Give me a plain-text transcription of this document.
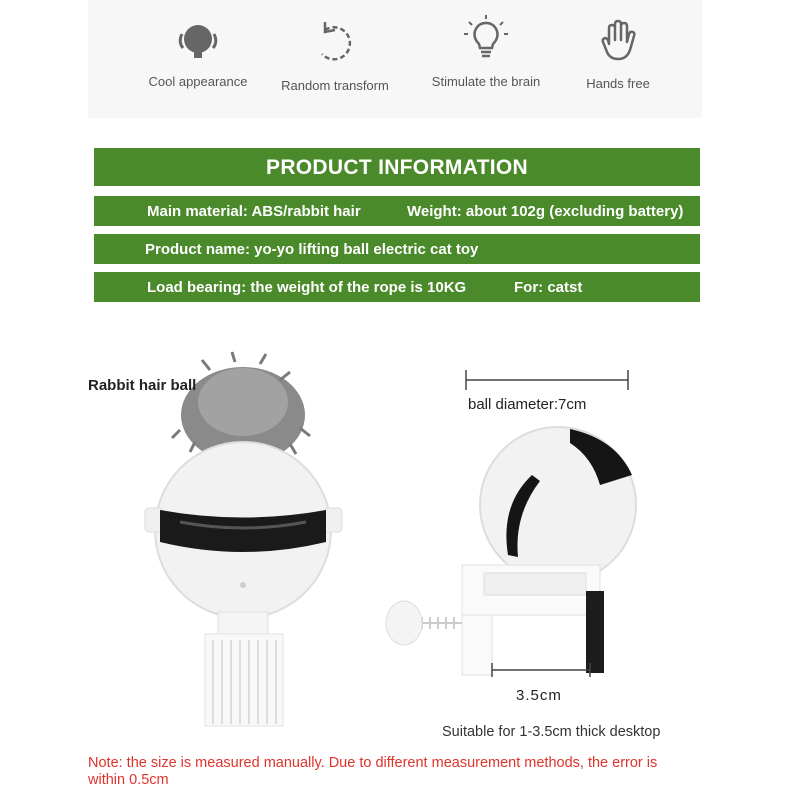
Cool appearance	Random transform	Stimulate the brain	Hands free
PRODUCT INFORMATION
Main material: ABS/rabbit hair	Weight: about 102g (excluding battery)
Product name: yo-yo lifting ball electric cat toy
Load bearing: the weight of the rope is 10KG	For: catst
Rabbit hair ball
ball diameter:7cm
3.5cm
Suitable for 1-3.5cm thick desktop
Note: the size is measured manually. Due to different measurement methods, the error is within 0.5cm
